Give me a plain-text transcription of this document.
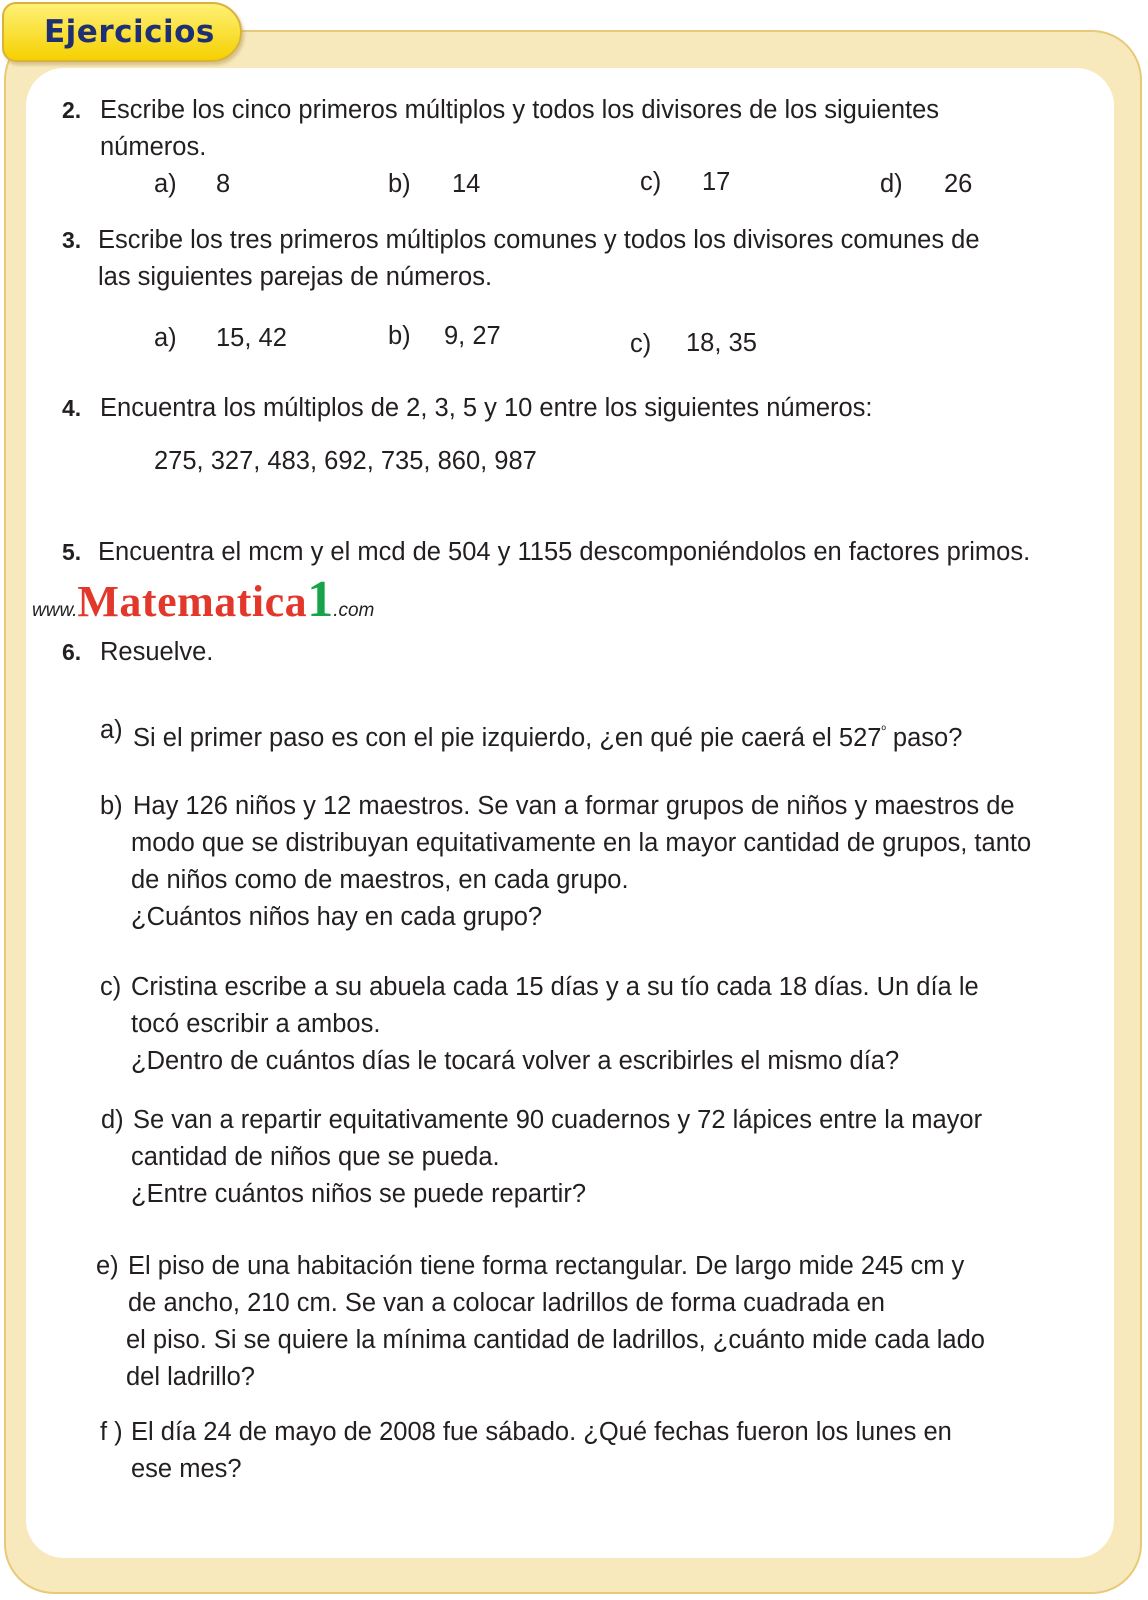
Ejercicios
2. Escribe los cinco primeros múltiplos y todos los divisores de los siguientes
números.
a) 8	b) 14	c) 17	d) 26
3. Escribe los tres primeros múltiplos comunes y todos los divisores comunes de
las siguientes parejas de números.
a) 15, 42	b) 9, 27	c) 18, 35
4. Encuentra los múltiplos de 2, 3, 5 y 10 entre los siguientes números:
275, 327, 483, 692, 735, 860, 987
5. Encuentra el mcm y el mcd de 504 y 1155 descomponiéndolos en factores primos.
www.Matematica1.com
6. Resuelve.
a) Si el primer paso es con el pie izquierdo, ¿en qué pie caerá el $527^º$ paso?
b) Hay 126 niños y 12 maestros. Se van a formar grupos de niños y maestros de
modo que se distribuyan equitativamente en la mayor cantidad de grupos, tanto
de niños como de maestros, en cada grupo.
¿Cuántos niños hay en cada grupo?
c) Cristina escribe a su abuela cada 15 días y a su tío cada 18 días. Un día le
tocó escribir a ambos.
¿Dentro de cuántos días le tocará volver a escribirles el mismo día?
d) Se van a repartir equitativamente 90 cuadernos y 72 lápices entre la mayor
cantidad de niños que se pueda.
¿Entre cuántos niños se puede repartir?
e) El piso de una habitación tiene forma rectangular. De largo mide 245 cm y
de ancho, 210 cm. Se van a colocar ladrillos de forma cuadrada en
el piso. Si se quiere la mínima cantidad de ladrillos, ¿cuánto mide cada lado
del ladrillo?
f ) El día 24 de mayo de 2008 fue sábado. ¿Qué fechas fueron los lunes en
ese mes?
